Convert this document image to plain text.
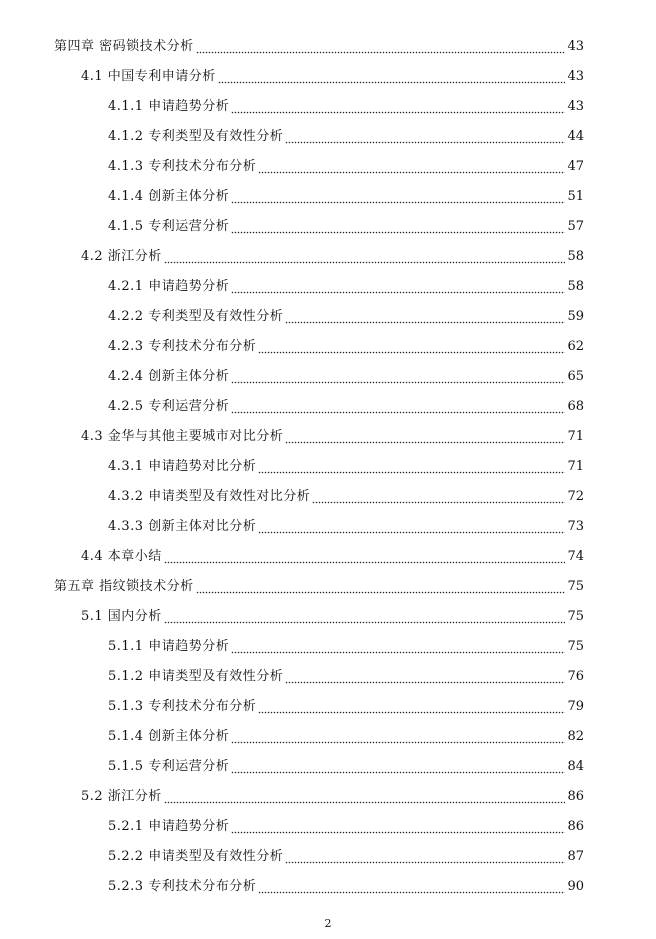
第四章 密码锁技术分析	43
4.1 中国专利申请分析	43
4.1.1 申请趋势分析	43
4.1.2 专利类型及有效性分析	44
4.1.3 专利技术分布分析	47
4.1.4 创新主体分析	51
4.1.5 专利运营分析	57
4.2 浙江分析	58
4.2.1 申请趋势分析	58
4.2.2 专利类型及有效性分析	59
4.2.3 专利技术分布分析	62
4.2.4 创新主体分析	65
4.2.5 专利运营分析	68
4.3 金华与其他主要城市对比分析	71
4.3.1 申请趋势对比分析	71
4.3.2 申请类型及有效性对比分析	72
4.3.3 创新主体对比分析	73
4.4 本章小结	74
第五章 指纹锁技术分析	75
5.1 国内分析	75
5.1.1 申请趋势分析	75
5.1.2 申请类型及有效性分析	76
5.1.3 专利技术分布分析	79
5.1.4 创新主体分析	82
5.1.5 专利运营分析	84
5.2 浙江分析	86
5.2.1 申请趋势分析	86
5.2.2 申请类型及有效性分析	87
5.2.3 专利技术分布分析	90
2
